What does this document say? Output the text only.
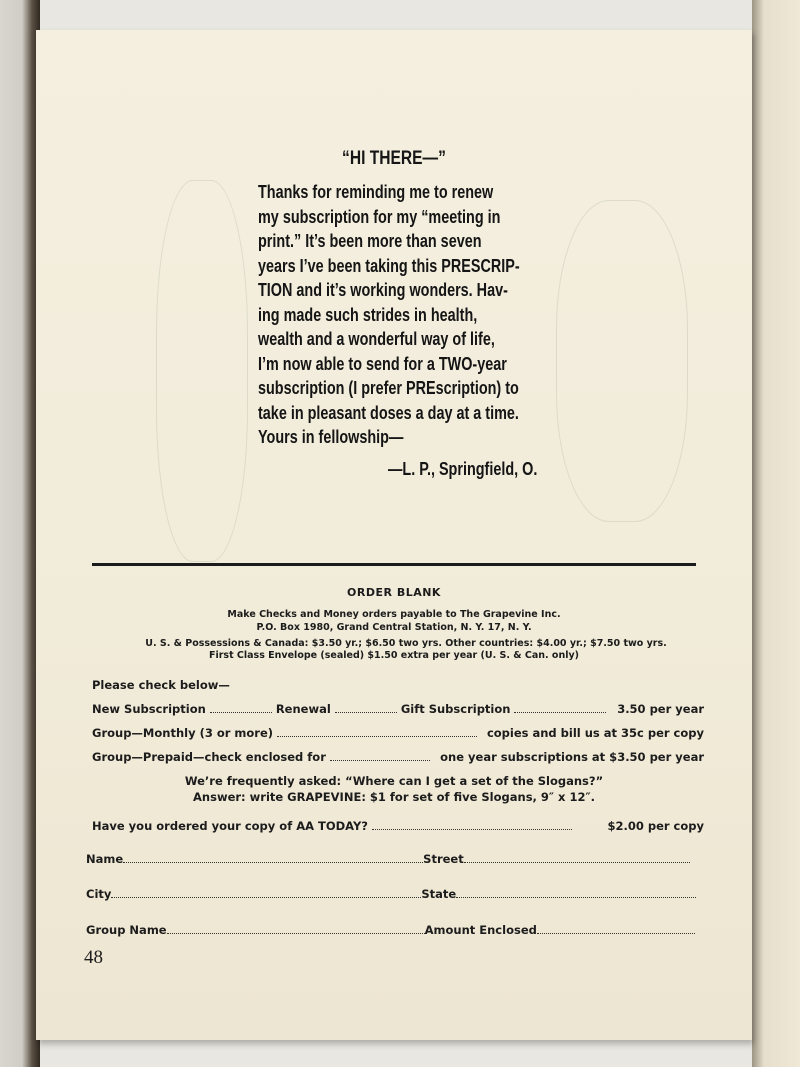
“HI THERE—”
Thanks for reminding me to renew
my subscription for my “meeting in
print.” It’s been more than seven
years I’ve been taking this PRESCRIP-
TION and it’s working wonders. Hav-
ing made such strides in health,
wealth and a wonderful way of life,
I’m now able to send for a TWO-year
subscription (I prefer PREscription) to
take in pleasant doses a day at a time.
Yours in fellowship—
—L. P., Springfield, O.
ORDER BLANK
Make Checks and Money orders payable to The Grapevine Inc.
P.O. Box 1980, Grand Central Station, N. Y. 17, N. Y.
U. S. & Possessions & Canada: $3.50 yr.; $6.50 two yrs. Other countries: $4.00 yr.; $7.50 two yrs.
First Class Envelope (sealed) $1.50 extra per year (U. S. & Can. only)
Please check below—
New Subscription	Renewal	Gift Subscription	3.50 per year
Group—Monthly (3 or more)	copies and bill us at 35c per copy
Group—Prepaid—check enclosed for	one year subscriptions at $3.50 per year
We’re frequently asked: “Where can I get a set of the Slogans?”
Answer: write GRAPEVINE: $1 for set of five Slogans, 9″ x 12″.
Have you ordered your copy of AA TODAY?	$2.00 per copy
Name	Street
City	State
Group Name	Amount Enclosed
48
